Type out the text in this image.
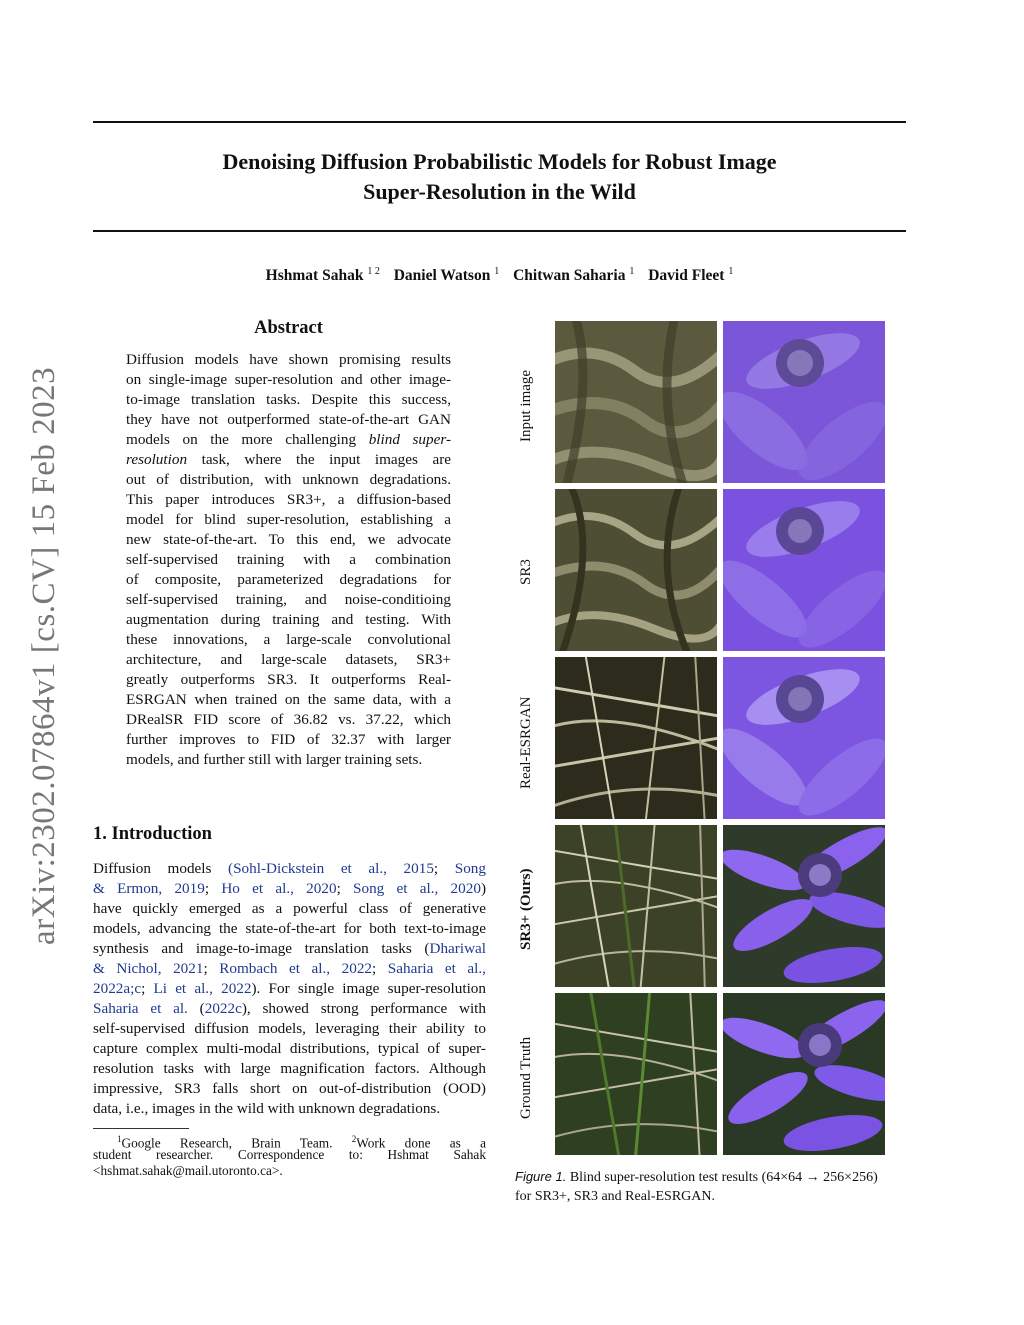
Denoising Diffusion Probabilistic Models for Robust Image
Super-Resolution in the Wild
Hshmat Sahak $^{1 2}$ Daniel Watson $^1$ Chitwan Saharia $^1$ David Fleet $^1$
arXiv:2302.07864v1 [cs.CV] 15 Feb 2023
Abstract
Diffusion models have shown promising results
on single-image super-resolution and other image-
to-image translation tasks. Despite this success,
they have not outperformed state-of-the-art GAN
models on the more challenging blind super-
resolution task, where the input images are
out of distribution, with unknown degradations.
This paper introduces SR3+, a diffusion-based
model for blind super-resolution, establishing a
new state-of-the-art. To this end, we advocate
self-supervised training with a combination
of composite, parameterized degradations for
self-supervised training, and noise-conditioing
augmentation during training and testing. With
these innovations, a large-scale convolutional
architecture, and large-scale datasets, SR3+
greatly outperforms SR3. It outperforms Real-
ESRGAN when trained on the same data, with a
DRealSR FID score of 36.82 vs. 37.22, which
further improves to FID of 32.37 with larger
models, and further still with larger training sets.
1. Introduction
Diffusion models (Sohl-Dickstein et al., 2015; Song
& Ermon, 2019; Ho et al., 2020; Song et al., 2020)
have quickly emerged as a powerful class of generative
models, advancing the state-of-the-art for both text-to-image
synthesis and image-to-image translation tasks (Dhariwal
& Nichol, 2021; Rombach et al., 2022; Saharia et al.,
2022a;c; Li et al., 2022). For single image super-resolution
Saharia et al. (2022c), showed strong performance with
self-supervised diffusion models, leveraging their ability to
capture complex multi-modal distributions, typical of super-
resolution tasks with large magnification factors. Although
impressive, SR3 falls short on out-of-distribution (OOD)
data, i.e., images in the wild with unknown degradations.
$^1$Google Research, Brain Team. $^2$Work done as a
student researcher. Correspondence to: Hshmat Sahak
<hshmat.sahak@mail.utoronto.ca>.
Input image
SR3
Real-ESRGAN
SR3+ (Ours)
Ground Truth
Figure 1. Blind super-resolution test results (64×64 → 256×256)
for SR3+, SR3 and Real-ESRGAN.
